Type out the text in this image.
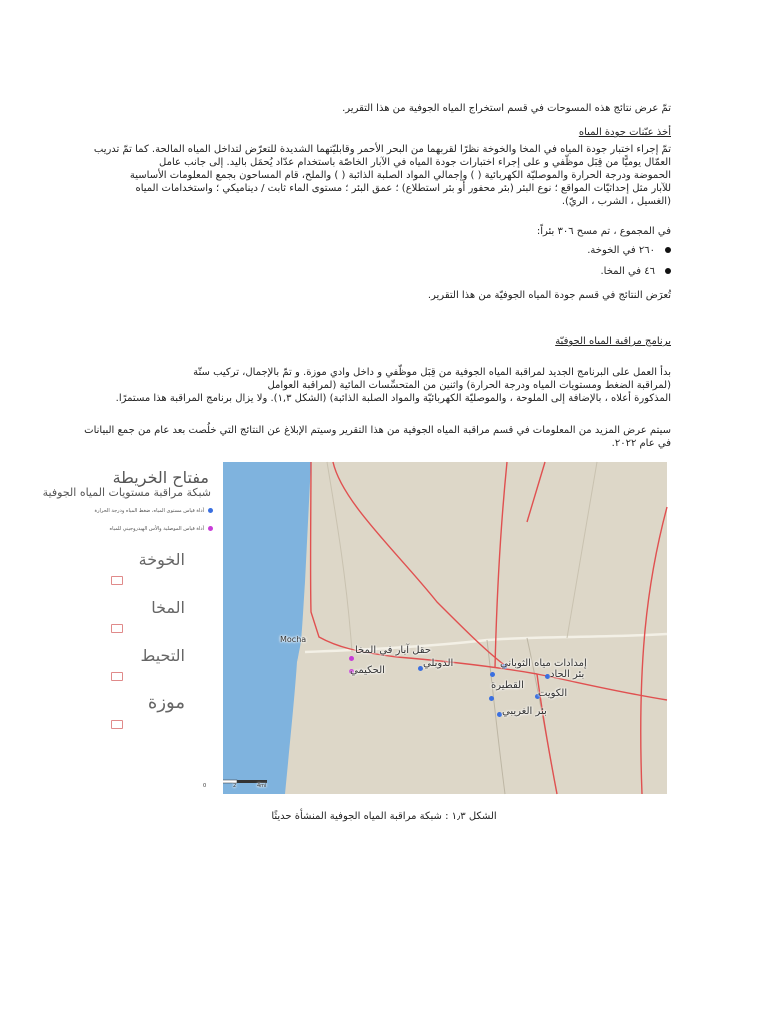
تمّ عرض نتائج هذه المسوحات في قسم استخراج المياه الجوفية من هذا التقرير.
أخذ عيّنات جودة المياه
تمّ إجراء اختبار جودة المياه في المخا والخوخة نظرًا لقربهما من البحر الأحمر وقابليّتهما الشديدة للتعرّض لتداخل المياه المالحة. كما تمّ تدريب
العمّال يوميًّا من قِبَل موظّفي و على إجراء اختبارات جودة المياه في الآبار الخاصّة باستخدام عدّاد يُحمَل باليد. إلى جانب عامل
الحموضة ودرجة الحرارة والموصليّة الكهربائية ( ) وإجمالي المواد الصلبة الذائبة ( ) والملح، قام المساحون بجمع المعلومات الأساسية
للآبار مثل إحداثيّات المواقع ؛ نوع البئر (بئر محفور أو بئر استطلاع) ؛ عمق البئر ؛ مستوى الماء ثابت / ديناميكي ؛ واستخدامات المياه
(الغسيل ، الشرب ، الريّ).
في المجموع ، تم مسح ٣٠٦ بئراً:
٢٦٠ في الخوخة.
٤٦ في المخا.
تُعرَض النتائج في قسم جودة المياه الجوفيّة من هذا التقرير.
برنامج مراقبة المياه الجوفيّة
بدأ العمل على البرنامج الجديد لمراقبة المياه الجوفية من قِبَل موظّفي و داخل وادي موزة. و تمّ بالإجمال، تركيب ستّة
(لمراقبة الضغط ومستويات المياه ودرجة الحرارة) واثنين من المتحسِّسات المائية (لمراقبة العوامل
المذكورة أعلاه ، بالإضافة إلى الملوحة ، والموصليّة الكهربائيّة والمواد الصلبة الذائبة) (الشكل ١,٣). ولا يزال برنامج المراقبة هذا مستمرًا.
سيتم عرض المزيد من المعلومات في قسم مراقبة المياه الجوفية من هذا التقرير وسيتم الإبلاغ عن النتائج التي خلُصت بعد عام من جمع البيانات
في عام ٢٠٢٢.
مفتاح الخريطة
شبكة مراقبة مستويات المياه الجوفية
أداة قياس مستوى المياه، ضغط المياه ودرجة الحرارة
أداة قياس الموصلية والأس الهيدروجيني للمياه
الخوخة
المخا
التحيط
موزة
Mocha
حقل آبار في المخا
الحكيمي
الدوبلي	إمدادات مياه الثوباني
بئر الحاد
القطيرة
الكويت
بئر الغريبي
0	2	4mi
الشكل ١٫٣ : شبكة مراقبة المياه الجوفية المنشأة حديثًا
